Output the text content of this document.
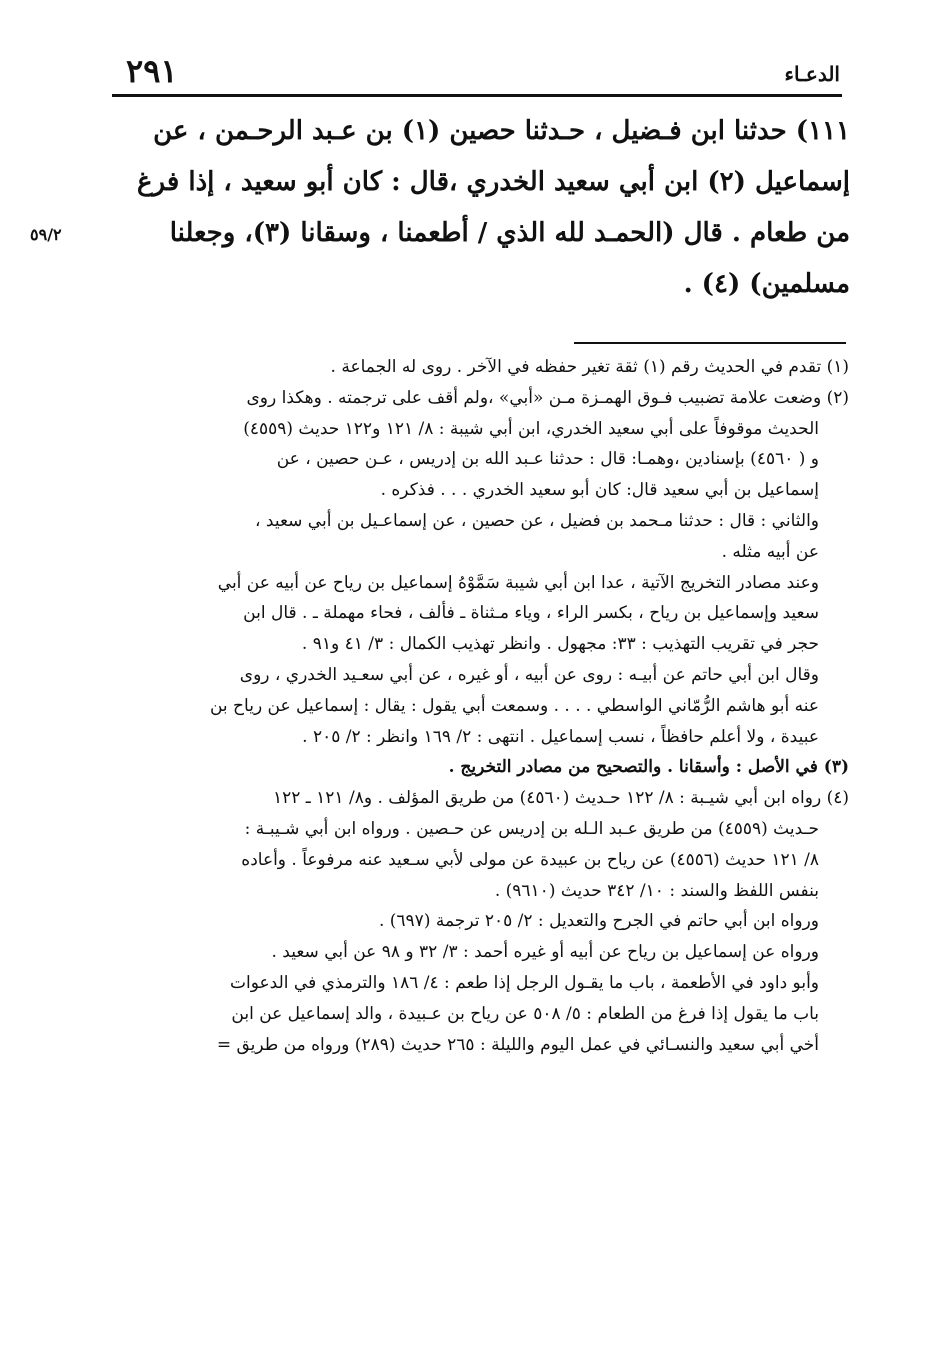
الدعـاء
٢٩١

١١١) حدثنا ابن فـضيل ، حـدثنا حصين (١) بن عـبد الرحـمن ، عن

إسماعيل (٢) ابن أبي سعيد الخدري ،قال : كان أبو سعيد ، إذا فرغ

من طعام . قال (الحمـد لله الذي / أطعمنا ، وسقانا (٣)، وجعلنا

مسلمين) (٤) .

٥٩/٢
(١) تقدم في الحديث رقم (١) ثقة تغير حفظه في الآخر . روى له الجماعة .
(٢) وضعت علامة تضبيب فـوق الهمـزة مـن «أبي» ،ولم أقف على ترجمته . وهكذا روى
الحديث موقوفاً على أبي سعيد الخدري، ابن أبي شيبة : ٨/ ١٢١ و١٢٢ حديث (٤٥٥٩)
و ( ٤٥٦٠) بإسنادين ،وهمـا: قال : حدثنا عـبد الله بن إدريس ، عـن حصين ، عن
إسماعيل بن أبي سعيد قال: كان أبو سعيد الخدري . . . فذكره .
والثاني : قال : حدثنا مـحمد بن فضيل ، عن حصين ، عن إسماعـيل بن أبي سعيد ،
عن أبيه مثله .
وعند مصادر التخريج الآتية ، عدا ابن أبي شيبة سَمَّوْهُ إسماعيل بن رياح عن أبيه عن أبي
سعيد وإسماعيل بن رياح ، بكسر الراء ، وياء مـثناة ـ فألف ، فحاء مهملة ـ . قال ابن
حجر في تقريب التهذيب : ٣٣: مجهول . وانظر تهذيب الكمال : ٣/ ٤١ و٩١ .
وقال ابن أبي حاتم عن أبيـه : روى عن أبيه ، أو غيره ، عن أبي سعـيد الخدري ، روى
عنه أبو هاشم الرُّمّاني الواسطي . . . . وسمعت أبي يقول : يقال : إسماعيل عن رياح بن
عبيدة ، ولا أعلم حافظاً ، نسب إسماعيل . انتهى : ٢/ ١٦٩ وانظر : ٢/ ٢٠٥ .
(٣) في الأصل : وأسقانا . والتصحيح من مصادر التخريج .
(٤) رواه ابن أبي شيـبة : ٨/ ١٢٢ حـديث (٤٥٦٠) من طريق المؤلف . و٨/ ١٢١ ـ ١٢٢
حـديث (٤٥٥٩) من طريق عـبد الـله بن إدريس عن حـصين . ورواه ابن أبي شـيبـة :
٨/ ١٢١ حديث (٤٥٥٦) عن رياح بن عبيدة عن مولى لأبي سـعيد عنه مرفوعاً . وأعاده
بنفس اللفظ والسند : ١٠/ ٣٤٢ حديث (٩٦١٠) .
ورواه ابن أبي حاتم في الجرح والتعديل : ٢/ ٢٠٥ ترجمة (٦٩٧) .
ورواه عن إسماعيل بن رياح عن أبيه أو غيره أحمد : ٣/ ٣٢ و ٩٨ عن أبي سعيد .
وأبو داود في الأطعمة ، باب ما يقـول الرجل إذا طعم : ٤/ ١٨٦ والترمذي في الدعوات
باب ما يقول إذا فرغ من الطعام : ٥/ ٥٠٨ عن رياح بن عـبيدة ، والد إسماعيل عن ابن
أخي أبي سعيد والنسـائي في عمل اليوم والليلة : ٢٦٥ حديث (٢٨٩) ورواه من طريق =
